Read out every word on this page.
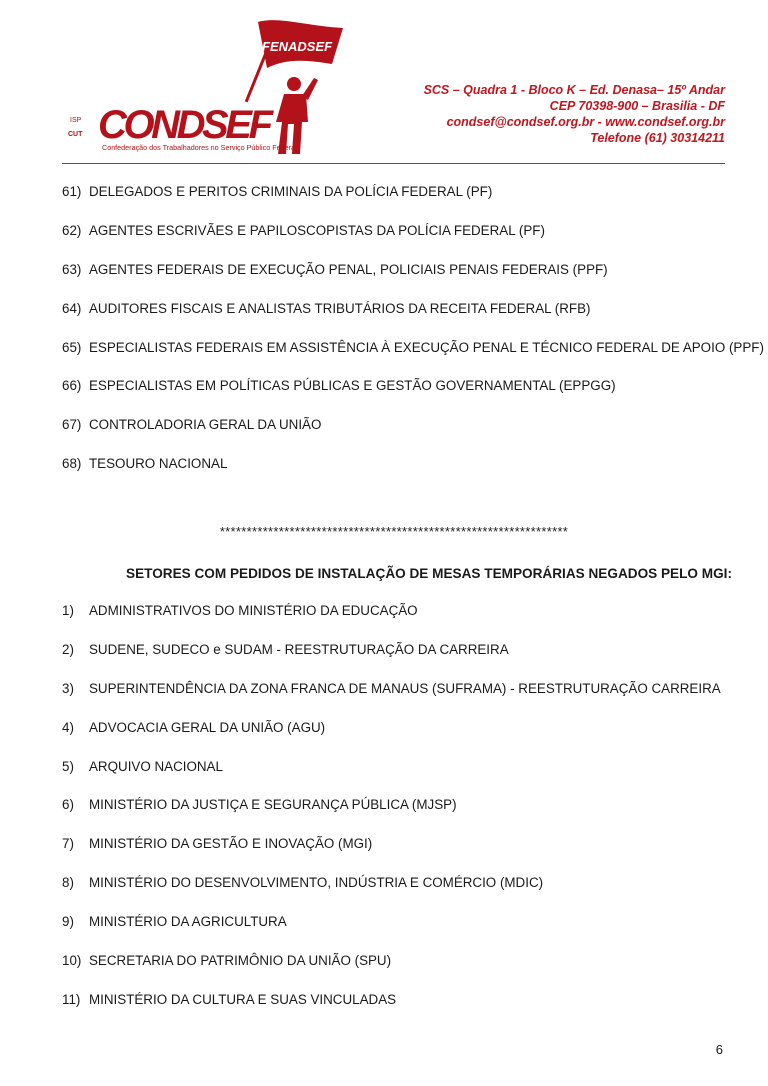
FENADSEF
ISP
CUT CONDSEF
Confederação dos Trabalhadores no Serviço Público Federal
SCS – Quadra 1 - Bloco K – Ed. Denasa– 15º Andar
CEP 70398-900 – Brasilia - DF
condsef@condsef.org.br - www.condsef.org.br
Telefone (61) 30314211
61) DELEGADOS E PERITOS CRIMINAIS DA POLÍCIA FEDERAL (PF)
62) AGENTES ESCRIVÃES E PAPILOSCOPISTAS DA POLÍCIA FEDERAL (PF)
63) AGENTES FEDERAIS DE EXECUÇÃO PENAL, POLICIAIS PENAIS FEDERAIS (PPF)
64) AUDITORES FISCAIS E ANALISTAS TRIBUTÁRIOS DA RECEITA FEDERAL (RFB)
65) ESPECIALISTAS FEDERAIS EM ASSISTÊNCIA À EXECUÇÃO PENAL E TÉCNICO FEDERAL DE APOIO (PPF)
66) ESPECIALISTAS EM POLÍTICAS PÚBLICAS E GESTÃO GOVERNAMENTAL (EPPGG)
67) CONTROLADORIA GERAL DA UNIÃO
68) TESOURO NACIONAL
*****************************************************************
SETORES COM PEDIDOS DE INSTALAÇÃO DE MESAS TEMPORÁRIAS NEGADOS PELO MGI:
1)	ADMINISTRATIVOS DO MINISTÉRIO DA EDUCAÇÃO
2)	SUDENE, SUDECO e SUDAM - REESTRUTURAÇÃO DA CARREIRA
3)	SUPERINTENDÊNCIA DA ZONA FRANCA DE MANAUS (SUFRAMA) - REESTRUTURAÇÃO CARREIRA
4)	ADVOCACIA GERAL DA UNIÃO (AGU)
5)	ARQUIVO NACIONAL
6)	MINISTÉRIO DA JUSTIÇA E SEGURANÇA PÚBLICA (MJSP)
7)	MINISTÉRIO DA GESTÃO E INOVAÇÃO (MGI)
8)	MINISTÉRIO DO DESENVOLVIMENTO, INDÚSTRIA E COMÉRCIO (MDIC)
9)	MINISTÉRIO DA AGRICULTURA
10) SECRETARIA DO PATRIMÔNIO DA UNIÃO (SPU)
11) MINISTÉRIO DA CULTURA E SUAS VINCULADAS
6
